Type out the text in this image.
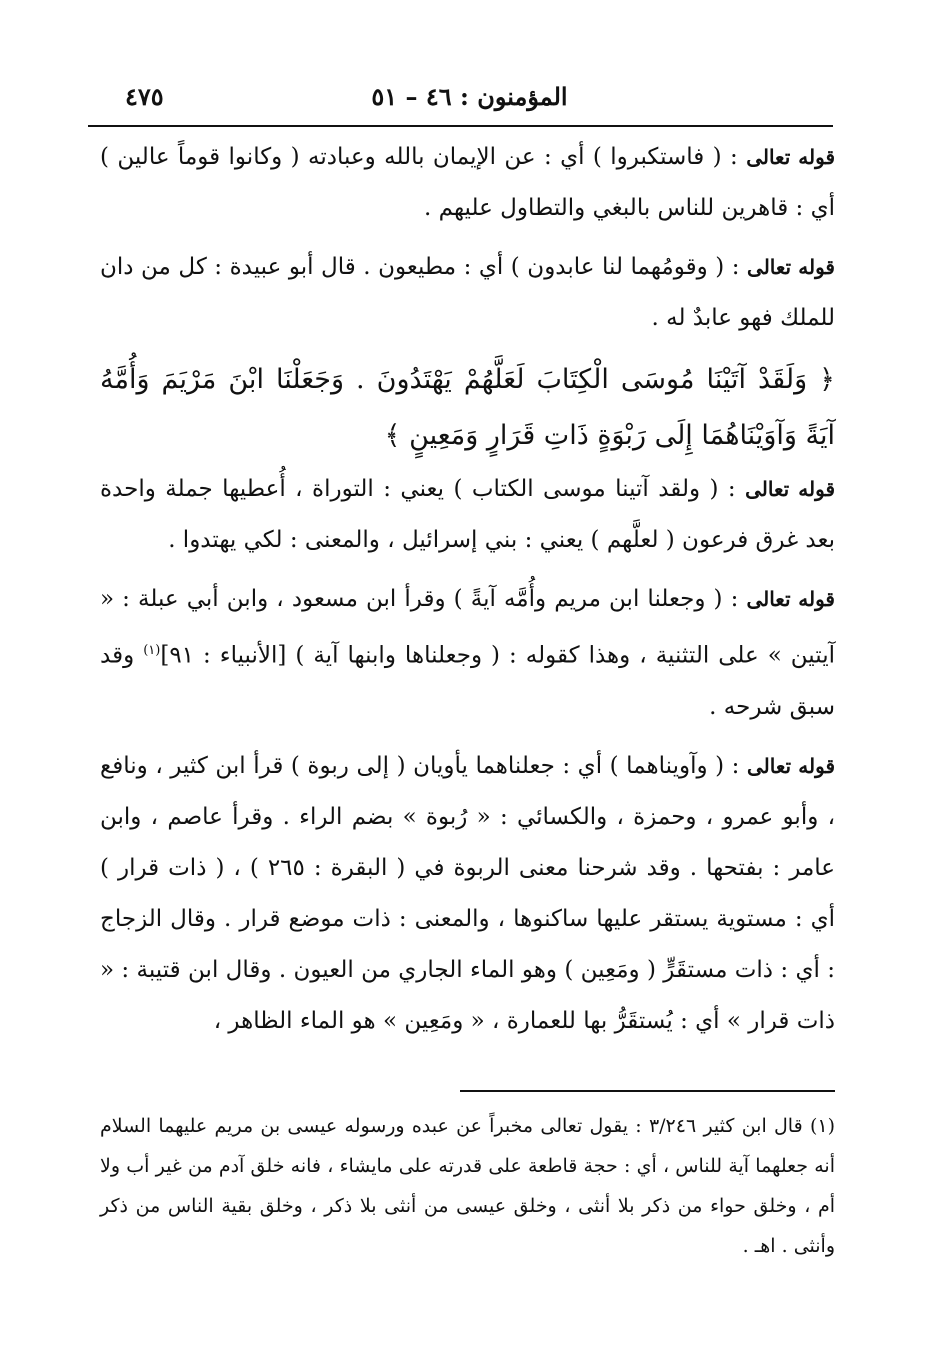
٤٧٥	المؤمنون : ٤٦ – ٥١

قوله تعالى : ( فاستكبروا ) أي : عن الإيمان بالله وعبادته ( وكانوا قوماً عالين ) أي : قاهرين للناس بالبغي والتطاول عليهم .

قوله تعالى : ( وقومُهما لنا عابدون ) أي : مطيعون . قال أبو عبيدة : كل من دان للملك فهو عابدٌ له .

﴿ وَلَقَدْ آتَيْنَا مُوسَى الْكِتَابَ لَعَلَّهُمْ يَهْتَدُونَ . وَجَعَلْنَا ابْنَ مَرْيَمَ وَأُمَّهُ آيَةً وَآوَيْنَاهُمَا إِلَى رَبْوَةٍ ذَاتِ قَرَارٍ وَمَعِينٍ ﴾

قوله تعالى : ( ولقد آتينا موسى الكتاب ) يعني : التوراة ، أُعطيها جملة واحدة بعد غرق فرعون ( لعلَّهم ) يعني : بني إسرائيل ، والمعنى : لكي يهتدوا .

قوله تعالى : ( وجعلنا ابن مريم وأُمَّه آيةً ) وقرأ ابن مسعود ، وابن أبي عبلة : « آيتين » على التثنية ، وهذا كقوله : ( وجعلناها وابنها آية ) [الأنبياء : ٩١]$^{(١)}$ وقد سبق شرحه .

قوله تعالى : ( وآويناهما ) أي : جعلناهما يأويان ( إلى ربوة ) قرأ ابن كثير ، ونافع ، وأبو عمرو ، وحمزة ، والكسائي : « رُبوة » بضم الراء . وقرأ عاصم ، وابن عامر : بفتحها . وقد شرحنا معنى الربوة في ( البقرة : ٢٦٥ ) ، ( ذات قرار ) أي : مستوية يستقر عليها ساكنوها ، والمعنى : ذات موضع قرار . وقال الزجاج : أي : ذات مستقَرٍّ ( ومَعِين ) وهو الماء الجاري من العيون . وقال ابن قتيبة : « ذات قرار » أي : يُستقَرُّ بها للعمارة ، « ومَعِين » هو الماء الظاهر ،

(١) قال ابن كثير ٣/٢٤٦ : يقول تعالى مخبراً عن عبده ورسوله عيسى بن مريم عليهما السلام أنه جعلهما آية للناس ، أي : حجة قاطعة على قدرته على مايشاء ، فانه خلق آدم من غير أب ولا أم ، وخلق حواء من ذكر بلا أنثى ، وخلق عيسى من أنثى بلا ذكر ، وخلق بقية الناس من ذكر وأنثى . اهـ .
